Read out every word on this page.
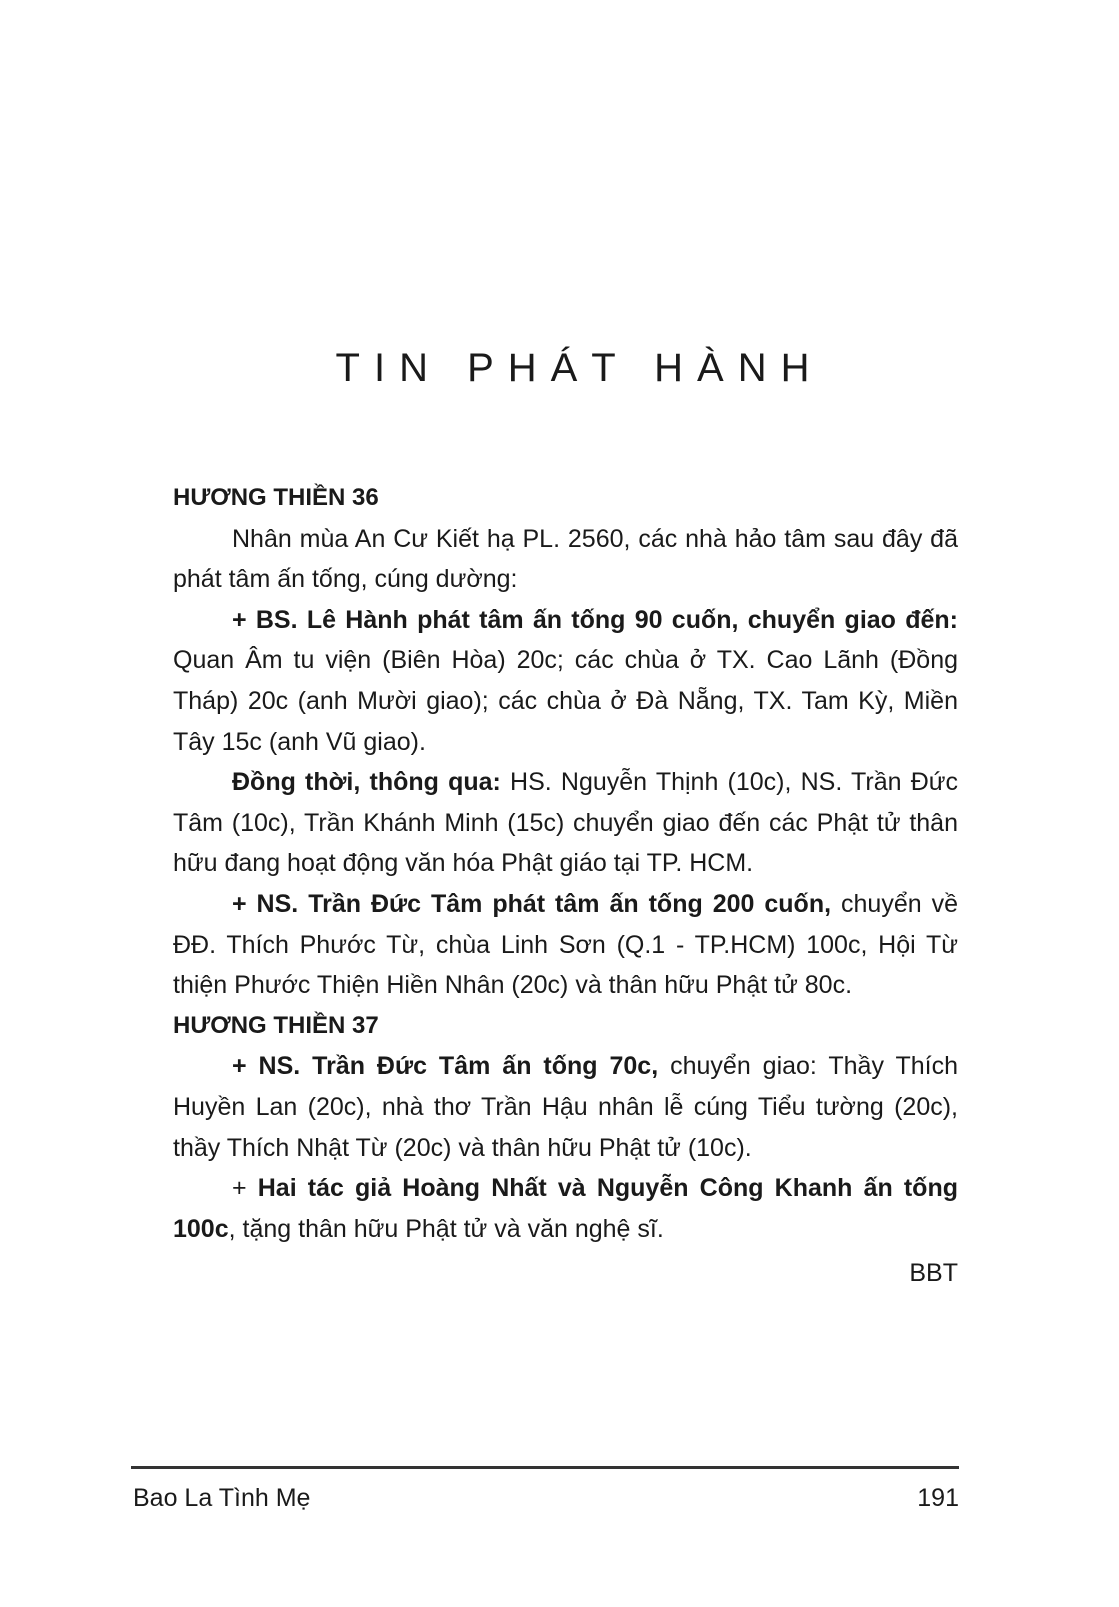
TIN PHÁT HÀNH

HƯƠNG THIỀN 36

Nhân mùa An Cư Kiết hạ PL. 2560, các nhà hảo tâm sau đây đã phát tâm ấn tống, cúng dường:

+ BS. Lê Hành phát tâm ấn tống 90 cuốn, chuyển giao đến: Quan Âm tu viện (Biên Hòa) 20c; các chùa ở TX. Cao Lãnh (Đồng Tháp) 20c (anh Mười giao); các chùa ở Đà Nẵng, TX. Tam Kỳ, Miền Tây 15c (anh Vũ giao).

Đồng thời, thông qua: HS. Nguyễn Thịnh (10c), NS. Trần Đức Tâm (10c), Trần Khánh Minh (15c) chuyển giao đến các Phật tử thân hữu đang hoạt động văn hóa Phật giáo tại TP. HCM.

+ NS. Trần Đức Tâm phát tâm ấn tống 200 cuốn, chuyển về ĐĐ. Thích Phước Từ, chùa Linh Sơn (Q.1 - TP.HCM) 100c, Hội Từ thiện Phước Thiện Hiền Nhân (20c) và thân hữu Phật tử 80c.

HƯƠNG THIỀN 37

+ NS. Trần Đức Tâm ấn tống 70c, chuyển giao: Thầy Thích Huyền Lan (20c), nhà thơ Trần Hậu nhân lễ cúng Tiểu tường (20c), thầy Thích Nhật Từ (20c) và thân hữu Phật tử (10c).

+ Hai tác giả Hoàng Nhất và Nguyễn Công Khanh ấn tống 100c, tặng thân hữu Phật tử và văn nghệ sĩ.

BBT

Bao La Tình Mẹ	191
